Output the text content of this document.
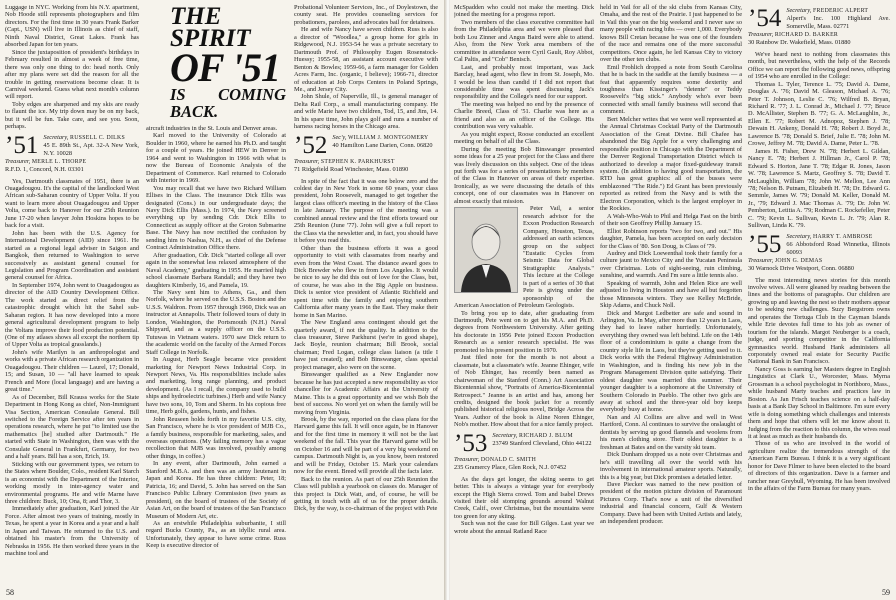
Luggage in NYC. Working from his N.Y. apartment, Nob Hoode still represents photographers and film directors. For the first time in 30 years Frank Barker (Capt., USN) will live in Illinois as chief of staff, Ninth Naval District, Great Lakes. Frank has absorbed Japan for ten years.

Since the juxtaposition of president's birthdays in February resulted in almost a week of free time, there was only one thing to do: head north. Only after my plans were set did the reason for all the trouble in getting reservations become clear. It is Carnival weekend. Guess what next month's column will report.

Toby edges are sharpened and my skis are ready to flaunt the ice. My trip down may be on my back, but it will be fun. Take care, and see you. Soon, perhaps.

’51 Secretary, RUSSELL C. DILKS
45 E. 89th St., Apt. 32-A New York, N.Y. 10028
Treasurer, MERLE L. THORPE
R.F.D. 1, Concord, N.H. 03301

Yes, Dartmouth classmates of 1951, there is an Ouagadougou. It's the capital of the landlocked West African sub-Saharan country of Upper Volta. If you want to learn more about Ouagadougou and Upper Volta, come back to Hanover for our 25th Reunion June 17-20 when lawyer John Hoskins hopes to be back for a visit.

John has been with the U.S. Agency for International Development (AID) since 1961. He started as a regional legal adviser in Saigon and Bangkok, then returned to Washington to serve successively as assistant general counsel for Legislation and Program Coordination and assistant general counsel for Africa.

In September 1974, John went to Ouagadougou as director of the AID Country Development Office. The work started as direct relief from the catastrophic drought which hit the Sahel sub-Saharan region. It has now developed into a more general agricultural development program to help the Voltans improve their food production potential. (One of my atlases shows all except the northern tip of Upper Volta as tropical grasslands.)

John's wife Marilyn is an anthropologist and works with a private African research organization in Ouagadougou. Their children — Laurel, 17; Donald, 15; and Susan, 10 — "all have learned to speak French and More (local language) and are having a great time."

As of December, Bill Krauss works for the State Department in Hong Kong as chief, Non-Immigrant Visa Section, American Consulate General. Bill switched to the Foreign Service after ten years in operations research, where he put "to limited use the mathematics [he] studied after Dartmouth." He started with State in Washington, then was with the Consulate General in Frankfurt, Germany, for two and a half years. Bill has a son, Erich, 19.

Sticking with our government types, we return to the States where Boulder, Colo., resident Karl Starch is an economist with the Department of the Interior, working mostly in inter-agency water and environmental programs. He and wife Marne have three children: Buck, 10; Ona, 8; and Thor, 3.

Immediately after graduation, Karl joined the Air Force. After almost two years of training, mostly in Texas, he spent a year in Korea and a year and a half in Japan and Taiwan. He returned to the U.S. and obtained his master's from the University of Nebraska in 1956. He then worked three years in the machine tool and

THE SPIRIT
OF '51
IS COMING BACK.

aircraft industries in the St. Louis and Denver areas.

Karl moved to the University of Colorado at Boulder in 1960, where he earned his Ph.D. and taught for a couple of years. He joined HEW in Denver in 1964 and went to Washington in 1966 with what is now the Bureau of Economic Analysis of the Department of Commerce. Karl returned to Colorado with Interior in 1969.

You may recall that we have two Richard William Ellises in the Class. The insurance Dick Ellis was designated (Cons.) in our undergraduate days; the Navy Dick Ellis (Mass.). In 1974, the Navy screened everything up by sending Cdr. Dick Ellis to Connecticut as supply officer at the Groton Submarine Base. The Navy has now rectified the confusion by sending him to Nashua, N.H., as chief of the Defense Contract Administration Office there.

After graduation, Cdr. Dick "started college all over again in the somewhat less relaxed atmosphere of the Naval Academy," graduating in 1955. He married high school classmate Barbara Randall; and they have two daughters Kimberly, 16, and Pamela, 19.

The Navy sent him to Athens, Ga., and then Norfolk, where he served on the U.S.S. Boston and the U.S.S. Waldron. From 1957 through 1960, Dick was an instructor at Annapolis. Their followed tours of duty in London, Washington, the Portsmouth (N.H.) Naval Shipyard, and as a supply officer on the U.S.S. Tutuwas in Vietnam waters. 1970 saw Dick return to the academic world on the faculty of the Armed Forces Staff College in Norfolk.

In August, Herb Seagle became vice president marketing for Newport News Industrial Corp. in Newport News, Va. His responsibilities include sales and marketing, long range planning, and product development. (As I recall, the company used to build ships and hydroelectric turbines.) Herb and wife Nancy have two sons, 10, Tom and Sherm. In his copious free time, Herb golfs, gardens, hunts, and fishes.

John Reuseen holds forth in my favorite U.S. city, San Francisco, where he is vice president of MJB Co., a family business, responsible for marketing, sales, and overseas operations. (My failing memory has a vague recollection that MJB was involved, possibly among other things, in coffee.)

In any event, after Dartmouth, John earned a Stanford M.B.A. and then was an army lieutenant in Japan and Korea. He has three children: Peter, 18; Patricia, 16; and David, 5. John has served on the San Francisco Public Library Commission (two years as president), on the board of trustees of the Society of Asian Art, on the board of trustees of the San Francisco Museum of Modern Art, etc.

As an erstwhile Philadelphia suburbanite, I still regard Bucks County, Pa., as an idyllic rural area. Unfortunately, they appear to have some crime. Russ Keep is executive director of

Probational Volunteer Services, Inc., of Doylestown, the county seat. He provides counseling services for probationers, parolees, and advocates bail for detainees.

He and wife Nancy have seven children. Russ is also a director of "Woodlea," a group home for girls in Ridgewood, N.J. 1953-54 he was a private secretary to Dartmouth Prof. of Philosophy Eugen Rosenstock-Huessy; 1955-58, an assistant account executive with Benton & Bowles; 1959-66, a farm manager for Golden Acres Farm, Inc. (organic, I believe); 1966-71, director of education at Job Corps Centers in Poland Springs, Me., and Jersey City.

John Shule, of Naperville, Ill., is general manager of Delta Rail Corp., a small manufacturing company. He and wife Marie have two children, Tod, 15, and Jim, 14. In his spare time, John plays golf and runs a number of harness racing horses in the Chicago area.

’52 Sec'y, WILLIAM J. MONTGOMERY
40 Hamilton Lane Darien, Conn. 06820
Treasurer, STEPHEN K. PARKHURST
71 Ridgefield Road Winchester, Mass. 01890

In spite of the fact that it was one below zero and the coldest day in New York in some 60 years, your class president, John Roosevelt, managed to get together the largest class officer's meeting in the history of the Class in late January. The purpose of the meeting was a combined annual review and the first efforts toward our 25th Reunion (June '77). John will give a full report to the Class via the newsletter and, in fact, you should have it before you read this.

Other than the business efforts it was a good opportunity to visit with classmates from nearby and even from the West Coast. The distance award goes to Dick Brewder who flew in from Los Angeles. It would be nice to say he did this out of love for the Class, but, of course, he was also in the Big Apple on business. Dick is senior vice president of Atlantic Richfield and spent time with the family and enjoying southern California after many years in the East. They make their home in San Marino.

The New England area contingent should get the quarterly award, if not the quality. In addition to the class treasurer, Steve Parkhurst (we're in good shape), Jack Boyle, reunion chairman; Bill Brook, social chairman; Fred Logan, college class liaison (a title I have just created); and Bob Binswanger, class special project manager, also were on the scene.

Binswanger qualified as a New Englander now because he has just accepted a new responsibility as vice chancellor for Academic Affairs at the University of Maine. This is a great opportunity and we wish Bob the best of success. No word yet on when the family will be moving from Virginia.

Brook, by the way, reported on the class plans for the Harvard game this fall. It will once again, be in Hanover and for the first time in memory it will not be the last weekend of the fall. This year the Harvard game will be on October 16 and will be part of a very big weekend on campus. Dartmouth Night is, as you know, been restored and will be Friday, October 15. Mark your calendars now for the event. Breed will provide all the facts later.

Back to the reunion. As part of our 25th Reunion the Class will publish a yearbook on classes do. Manager of this project is Dick Watt, and, of course, he will be getting in touch with all of us for the proper details. Dick, by the way, is co-chairman of the project with Pete

58

McSpadden who could not make the meeting. Dick joined the meeting for a progress report.

Two members of the class executive committee hail from the Philadelphia area and we were pleased that both Lou Zinner and Angus Baird were able to attend. Also, from the New York area members of the committee in attendance were Cyril Gault, Roy Abbot, Cal Paltis, and "Cob" Benisch.

Last, and probably most important, was Jack Barclay, head agent, who flew in from St. Joseph, Mo. I would be less than candid if I did not report that considerable time was spent discussing Jack's responsibility and the College's need for our support.

The meeting was helped no end by the presence of Charlie Breed, Class of '51. Charlie was here as a friend and also as an officer of the College. His contribution was very valuable.

As you might expect, Roose conducted an excellent meeting on behalf of all the Class.

During the meeting Bob Binswanger presented some ideas for a 25 year project for the Class and there was lively discussion on this subject. One of the ideas put forth was for a series of presentations by members of the Class in Hanover on areas of their expertise. Ironically, as we were discussing the details of this concept, one of our classmates was in Hanover on almost exactly that mission.

Peter Vail, a senior research advisor for the Exxon Production Research Company, Houston, Texas, addressed an earth sciences group on the subject "Eustatic Cycles from Seismic Data for Global Stratigraphic Analysis." This lecture at the College is part of a series of 30 that Pete is giving under the sponsorship of the American Association of Petroleum Geologists.

To bring you up to date, after graduating from Dartmouth, Pete went on to get his M.A. and Ph.D. degrees from Northwestern University. After getting his doctorate in 1956 Pete joined Exxon Production Research as a senior research specialist. He was promoted to his present position in 1970.

Just filed note for the month is not about a classmate, but a classmate's wife. Jeanne Ehinger, wife of Nob Ehinger, has recently been named as chairwoman of the Stanford (Conn.) Art Association Bicentennial show, "Portraits of America-Bicentennial Retrospect." Jeanne is an artist and has, among her credits, designed the book jacket for a recently published historical religious novel, Bridge Across the Years. Author of the book is Aline Noren Ehinger, Nob's mother. How about that for a nice family project.

’53 Secretary, RICHARD J. BLUM
23749 Stanford Cleveland, Ohio 44122
Treasurer, DONALD C. SMITH
235 Gramercy Place, Glen Rock, N.J. 07452

As the days get longer, the skiing seems to get better. This is always a vintage year for everybody except the High Sierra crowd. Tom and Isabel Drews visited their old stomping grounds around Walnut Creek, Calif., over Christmas, but the mountains were too green for any skiing.

Such was not the case for Bill Gilges. Last year we wrote about the annual Ratland Race

held in Vail for all of the ski clubs from Kansas City, Omaha, and the rest of the Prairie. I just happened to be in Vail this year on the big weekend and I never saw so many people with racing bibs — over 1,000. Everybody knows Bill Cretan because he was one of the founders of the race and remains one of the more successful competitors. Once again, he led Kansas City to victory over the other ten clubs.

Emil Frohlich dropped a note from South Carolina that he is back in the saddle at the family business — a feat that apparently requires some dexterity and toughness than Kissinger's "detente" or Teddy Roosevelt's "big stick." Anybody who's ever been connected with small family business will second that comment.

Bert Melcher writes that we were well represented at the Annual Christmas Cocktail Party of the Dartmouth Association of the Great Divine. Bill Chafee has abandoned the Big Apple for a very challenging and responsible position in Chicago with the Department of the Denver Regional Transportation District which is authorized to develop a major fixed-guideway transit system. (In addition to having good transportation, the RTD has great graphics: all of the busses were emblazoned "The Ride.") Ed Grant has been previously reported as retired from the Navy and is with the Electron Corporation, which is the largest employer in the Rockies.

A Wah-Who-Wah to Phil and Helga Fast on the birth of their son Geoffrey Phillip January 15.

Elliot Robinson reports "two for two, and out." His daughter, Pamela, has been accepted on early decision for the Class of '80. Son Doug, is Class of '79.

Audrey and Dick Loewenthal took their family for a culture jaunt to Mexico City and the Yucatan Peninsula over Christmas. Lots of sight-seeing, ruin climbing, sunshine, and warmth. And I'm sure a little tennis also.

Speaking of warmth, John and Helen Rice are well adjusted to living in Houston and have all but forgotten those Minnesota winters. They see Kelley McBride, Skip Adams, and Chuck Noll.

Dick and Margot Ledbetter are safe and sound in Arlington, Va. In May, after more than 12 years in Laos, they had to leave rather hurriedly. Unfortunately, everything they owned was left behind. Life on the 14th floor of a condominium is quite a change from the country style life in Laos, but they're getting used to it. Dick works with the Federal Highway Administration in Washington, and is finding his new job in the Program Management Division quite satisfying. Their oldest daughter was married this summer. Their younger daughter is a sophomore at the University of Southern Colorado in Pueblo. The other two girls are away at school and the three-year old boy keeps everybody busy at home.

Nan and Al Collins are alive and well in West Hartford, Conn. Al continues to survive the onslaught of dentists by serving up good flannels and woolens from his men's clothing store. Their oldest daughter is a freshman at Bates and on the varsity ski team.

Dick Dunham dropped us a note over Christmas and he's still travelling all over the world with his involvement in international amateur sports. Naturally, this is a big year, but Dick promises a detailed letter.

Dave Piecker was named to the new position of president of the motion picture division of Paramount Pictures Corp. That's now a unit of the diversified industrial and financial concern, Gulf & Western Company. Dave had been with United Artists and lately, an independent producer.

’54 Secretary, FREDERIC ALPERT
Alpert's Inc. 100 Highland Ave. Somerville, Mass. 02771
Treasurer, RICHARD D. BARKER
30 Rainbow Dr. Wakefield, Mass. 01880

We've heard next to nothing from classmates this month, but nevertheless, with the help of the Records Office we can report the following good news, offspring of 1954 who are enrolled in the College:

Thomas L. Tyler, Terence L. '75; David A. Dame, Douglas A. '76; David M. Gleason, Michael A. '76; Peter T. Johnson, Leslie C. '76; Wilfred B. Bryan, Richard R. '77; J. L. Conrad Jr., Michael J. '77; Bruce D. McAllister, Stephen B. '77; G. A. McLaughlin, Jr., Ellen E. '77; Robert M. Adnopoz, Stephen J. '78; Dewain H. Ankeny, Donald H. '78; Robert J. Boyd Jr., Lawrence B. '78; Donald S. Brief, Julie E. '78; John M. Crowe, Jeffrey M. '78; David A. Dame, Peter L. '78.

James H. Fisher, Drew N. '78; Herbert L. Gildan, Nancy E. '78; Herbert J. Hillman Jr., Carol P. '78; Edward S. Horton, Jane T. '78; Edgar R. Jones, Jason W. '78; Lawrence S. Martz, Geoffrey S. '78; David T. McLaughlin, William '78; John W. Mellon, Lee Ann '78; Nelson B. Putnam, Elizabeth H. '78; Dr. Edward G. Semmle, James W. '79; Donald M. Keller, Donald M. Jr., '79; Edward J. Mac Thomas A. '79; Dr. John W. Pemberton, Letitia A. '79; Rodman C. Rockefeller, Peter C. '79; Kevin L. Sullivan, Kevin L. Jr. '79; Alan R. Sullivan, Linda K. '79.

’55 Secretary, HARRY T. AMBROSE
66 Abbotsford Road Winnetka, Illinois 60093
Treasurer, JOHN G. DEMAS
30 Warnock Drive Westport, Conn. 06880

The most interesting news stories for this month involve wives. All were gleaned by reading between the lines and the bottoms of paragraphs. Our children are growing up and leaving the nest so their mothers appear to be seeking new challenges. Suzy Bergstrom owns and operates the Tortuga Club in the Cayman Islands while Erie devotes full time to his job as owner of tourism for the islands. Margot Neuberger is a coach, judge, and sporting competitor in the California gymnastics world. Husband Hank administers all corporately owned real estate for Security Pacific National Bank in San Francisco.

Nancy Goss is earning her Masters degree in English Linguistics at Clark U., Worcester, Mass. Myrna Grossman is a school psychologist in Northboro, Mass., while husband Marty teaches and practices law in Boston. As Jan Frisch teaches science on a half-day basis at a Bank Day School in Baltimore. I'm sure every wife is doing something which challenges and interests them and hope that others will let me know about it. Judging from the reaction to this column, the wives read it at least as much as their husbands do.

Those of us who are involved in the world of agriculture realize the tremendous strength of the American Farm Bureau. I think it is a very significant honor for Dave Filmer to have been elected to the board of directors of this organization. Dave is a farmer and rancher near Greybull, Wyoming. He has been involved in the affairs of the Farm Bureau for many years.

59
